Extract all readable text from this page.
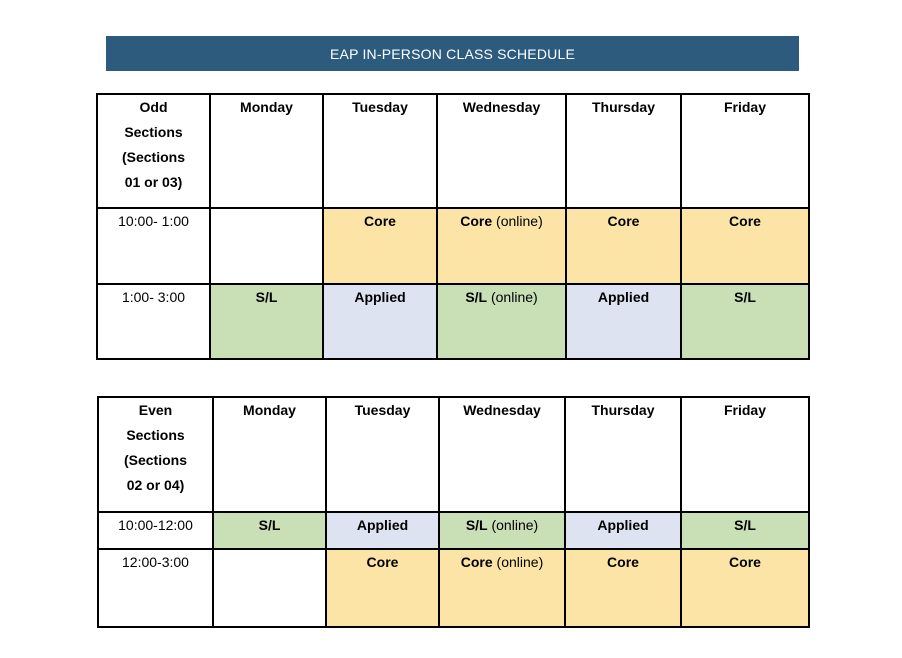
EAP IN-PERSON CLASS SCHEDULE
Odd
Sections
(Sections
01 or 03)	Monday	Tuesday	Wednesday	Thursday	Friday
10:00- 1:00		Core	Core (online)	Core	Core
1:00- 3:00	S/L	Applied	S/L (online)	Applied	S/L
Even
Sections
(Sections
02 or 04)	Monday	Tuesday	Wednesday	Thursday	Friday
10:00-12:00	S/L	Applied	S/L (online)	Applied	S/L
12:00-3:00		Core	Core (online)	Core	Core
